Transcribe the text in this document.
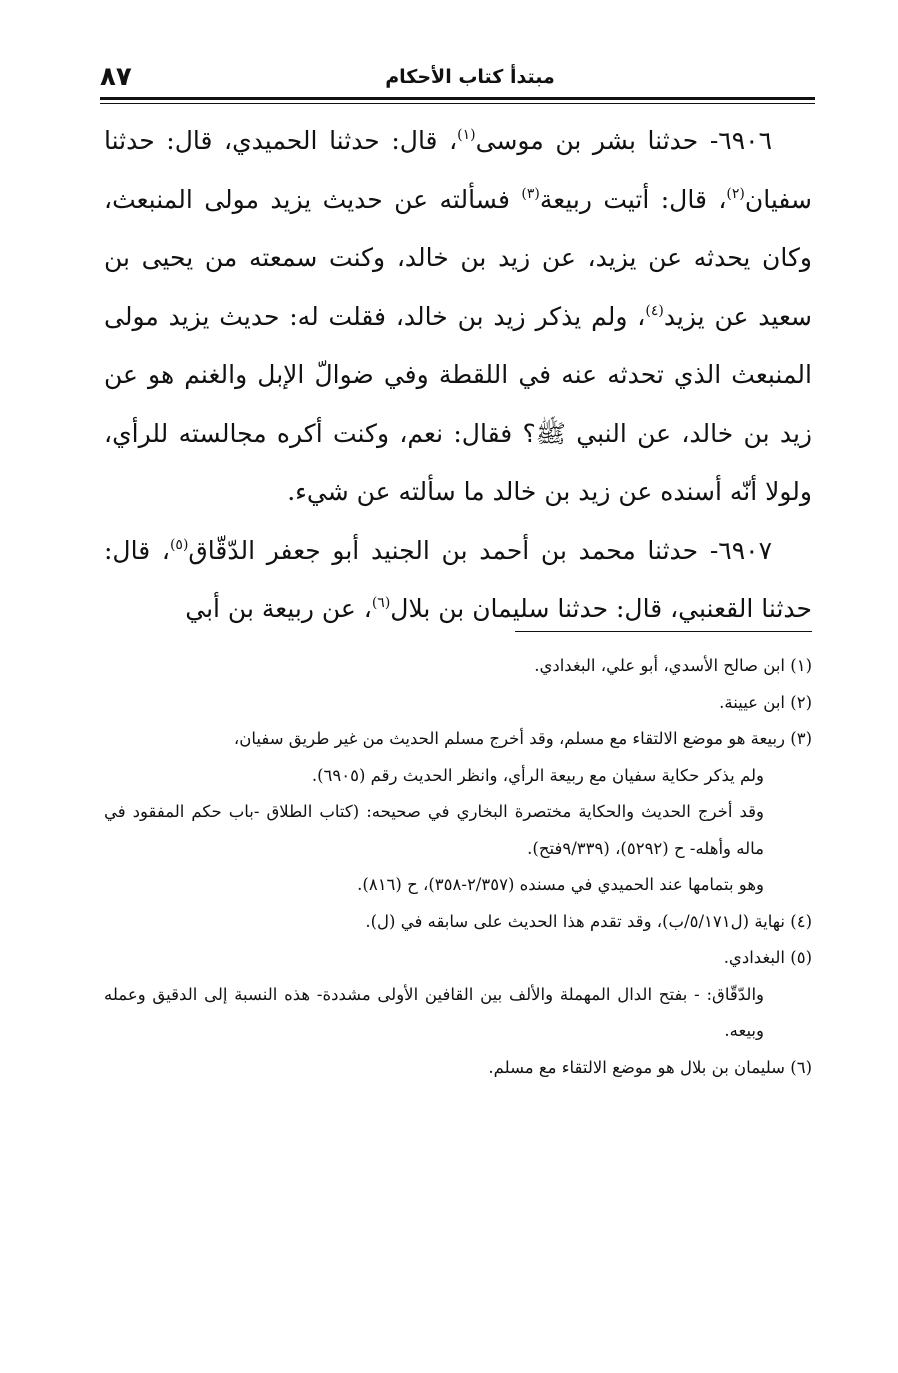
٨٧	مبتدأ كتاب الأحكام

٦٩٠٦- حدثنا بشر بن موسى$^{(١)}$، قال: حدثنا الحميدي، قال: حدثنا سفيان$^{(٢)}$، قال: أتيت ربيعة$^{(٣)}$ فسألته عن حديث يزيد مولى المنبعث، وكان يحدثه عن يزيد، عن زيد بن خالد، وكنت سمعته من يحيى بن سعيد عن يزيد$^{(٤)}$، ولم يذكر زيد بن خالد، فقلت له: حديث يزيد مولى المنبعث الذي تحدثه عنه في اللقطة وفي ضوالّ الإبل والغنم هو عن زيد بن خالد، عن النبي ﷺ؟ فقال: نعم، وكنت أكره مجالسته للرأي، ولولا أنّه أسنده عن زيد بن خالد ما سألته عن شيء.

٦٩٠٧- حدثنا محمد بن أحمد بن الجنيد أبو جعفر الدّقّاق$^{(٥)}$، قال: حدثنا القعنبي، قال: حدثنا سليمان بن بلال$^{(٦)}$، عن ربيعة بن أبي

(١) ابن صالح الأسدي، أبو علي، البغدادي.

(٢) ابن عيينة.

(٣) ربيعة هو موضع الالتقاء مع مسلم، وقد أخرج مسلم الحديث من غير طريق سفيان،

ولم يذكر حكاية سفيان مع ربيعة الرأي، وانظر الحديث رقم (٦٩٠٥).

وقد أخرج الحديث والحكاية مختصرة البخاري في صحيحه: (كتاب الطلاق -باب حكم المفقود في ماله وأهله- ح (٥٢٩٢)، (٩/٣٣٩فتح).

وهو بتمامها عند الحميدي في مسنده (٢/٣٥٧-٣٥٨)، ح (٨١٦).

(٤) نهاية (ل٥/١٧١/ب)، وقد تقدم هذا الحديث على سابقه في (ل).

(٥) البغدادي.

والدّقّاق: - بفتح الدال المهملة والألف بين القافين الأولى مشددة- هذه النسبة إلى الدقيق وعمله وبيعه.

(٦) سليمان بن بلال هو موضع الالتقاء مع مسلم.
